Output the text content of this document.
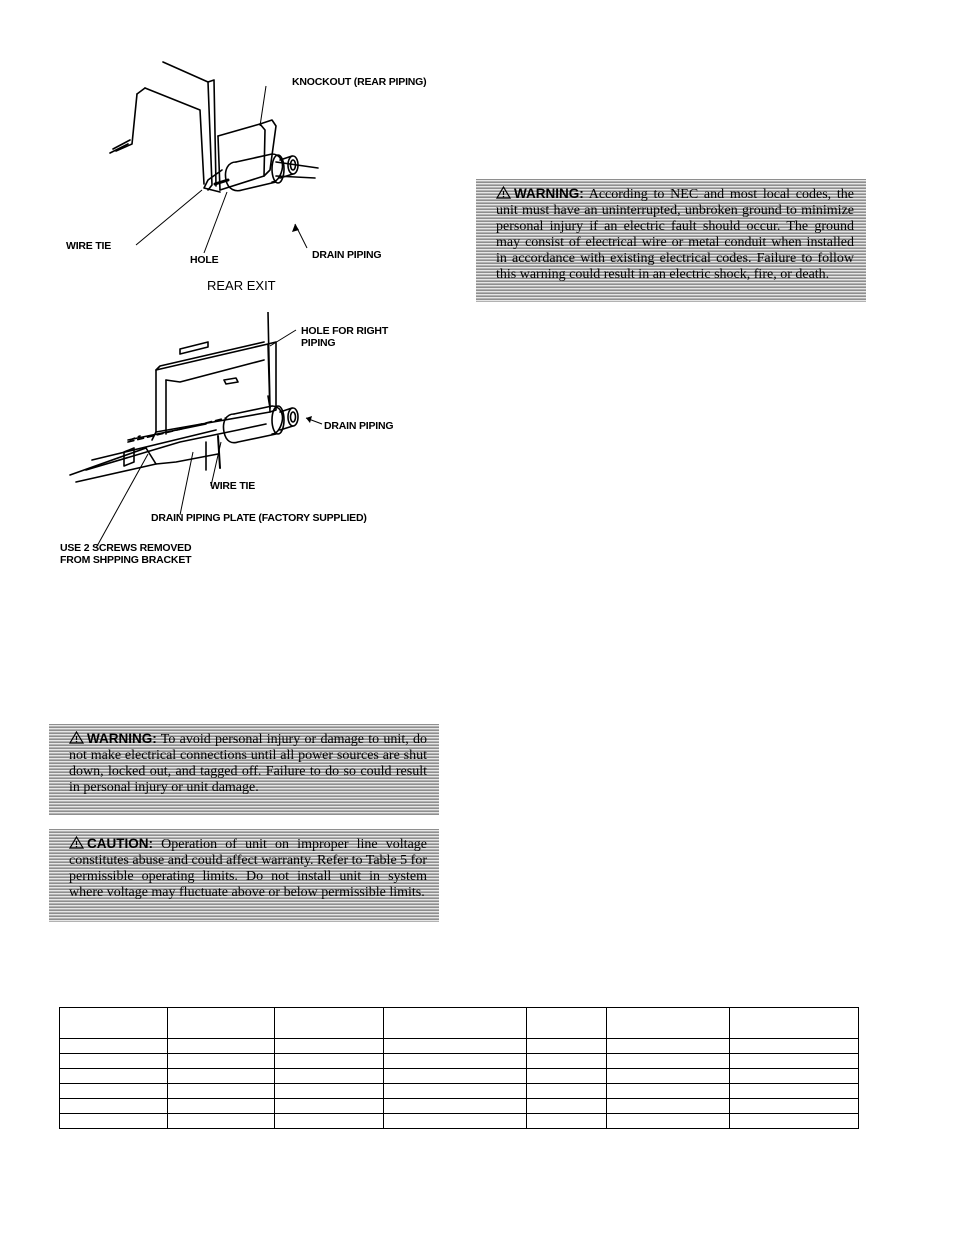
KNOCKOUT (REAR PIPING)
WIRE TIE
HOLE	DRAIN PIPING
REAR EXIT
HOLE FOR RIGHT
PIPING
DRAIN PIPING
WIRE TIE
DRAIN PIPING PLATE (FACTORY SUPPLIED)
USE 2 SCREWS REMOVED
FROM SHPPING BRACKET
WARNING: According to NEC and most local codes, the unit must have an uninterrupted, unbroken ground to minimize personal injury if an electric fault should occur. The ground may consist of electrical wire or metal conduit when installed in accordance with existing electrical codes. Failure to follow this warning could result in an electric shock, fire, or death.
WARNING: To avoid personal injury or damage to unit, do not make electrical connections until all power sources are shut down, locked out, and tagged off. Failure to do so could result in personal injury or unit damage.
CAUTION: Operation of unit on improper line voltage constitutes abuse and could affect warranty. Refer to Table 5 for permissible operating limits. Do not install unit in system where voltage may fluctuate above or below permissible limits.
